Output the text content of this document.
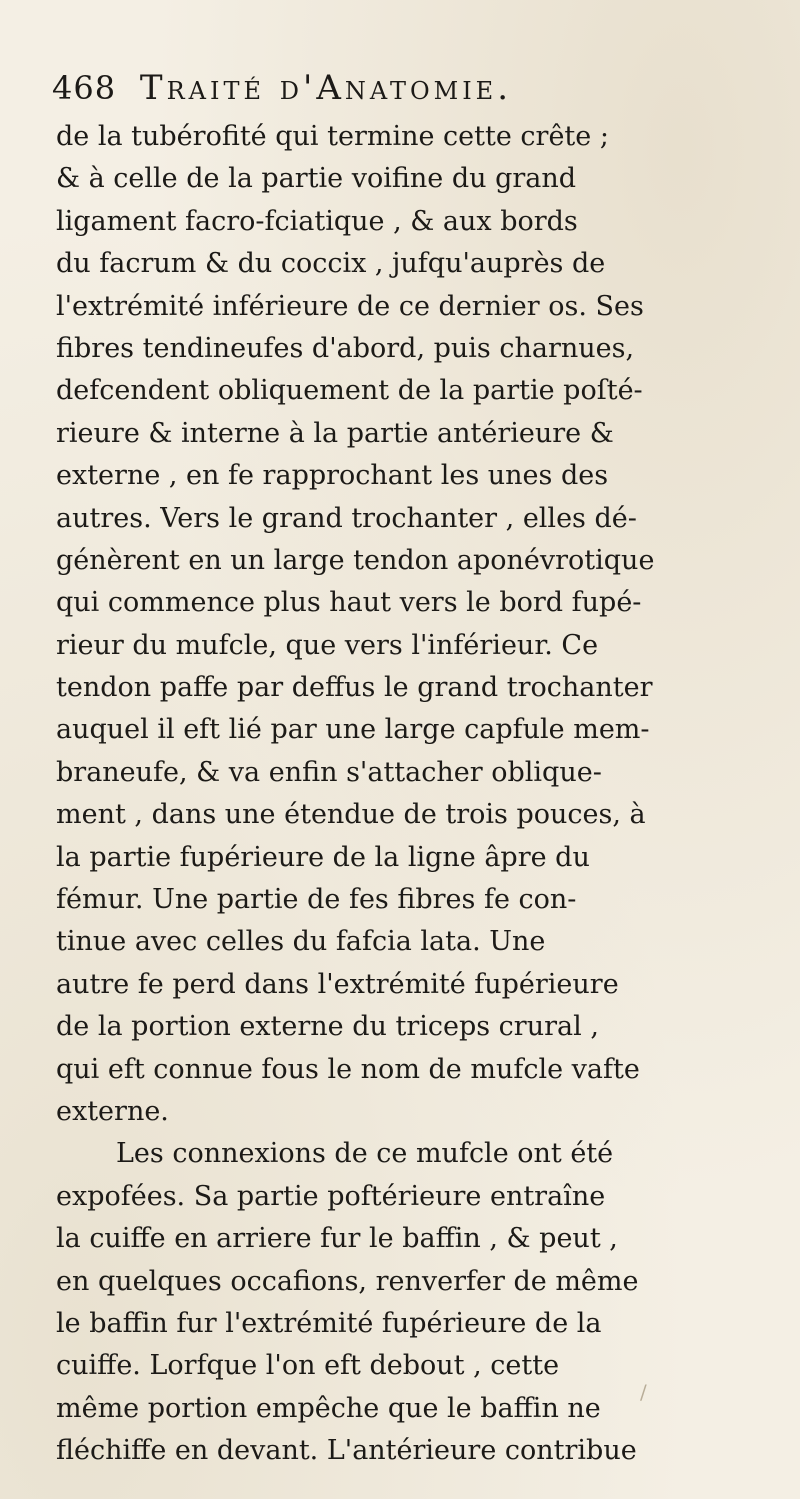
468 Traité d'Anatomie.
de la tubérofité qui termine cette crête ;
& à celle de la partie voifine du grand
ligament facro-fciatique , & aux bords
du facrum & du coccix , jufqu'auprès de
l'extrémité inférieure de ce dernier os. Ses
fibres tendineufes d'abord, puis charnues,
defcendent obliquement de la partie poſté-
rieure & interne à la partie antérieure &
externe , en fe rapprochant les unes des
autres. Vers le grand trochanter , elles dé-
génèrent en un large tendon aponévrotique
qui commence plus haut vers le bord fupé-
rieur du mufcle, que vers l'inférieur. Ce
tendon paffe par deffus le grand trochanter
auquel il eft lié par une large capfule mem-
braneufe, & va enfin s'attacher oblique-
ment , dans une étendue de trois pouces, à
la partie fupérieure de la ligne âpre du
fémur. Une partie de fes fibres fe con-
tinue avec celles du fafcia lata. Une
autre fe perd dans l'extrémité fupérieure
de la portion externe du triceps crural ,
qui eft connue fous le nom de mufcle vafte
externe.
Les connexions de ce mufcle ont été
expofées. Sa partie poftérieure entraîne
la cuiffe en arriere fur le baffin , & peut ,
en quelques occafions, renverfer de même
le baffin fur l'extrémité fupérieure de la
cuiffe. Lorfque l'on eft debout , cette
même portion empêche que le baffin ne
fléchiffe en devant. L'antérieure contribue
/
